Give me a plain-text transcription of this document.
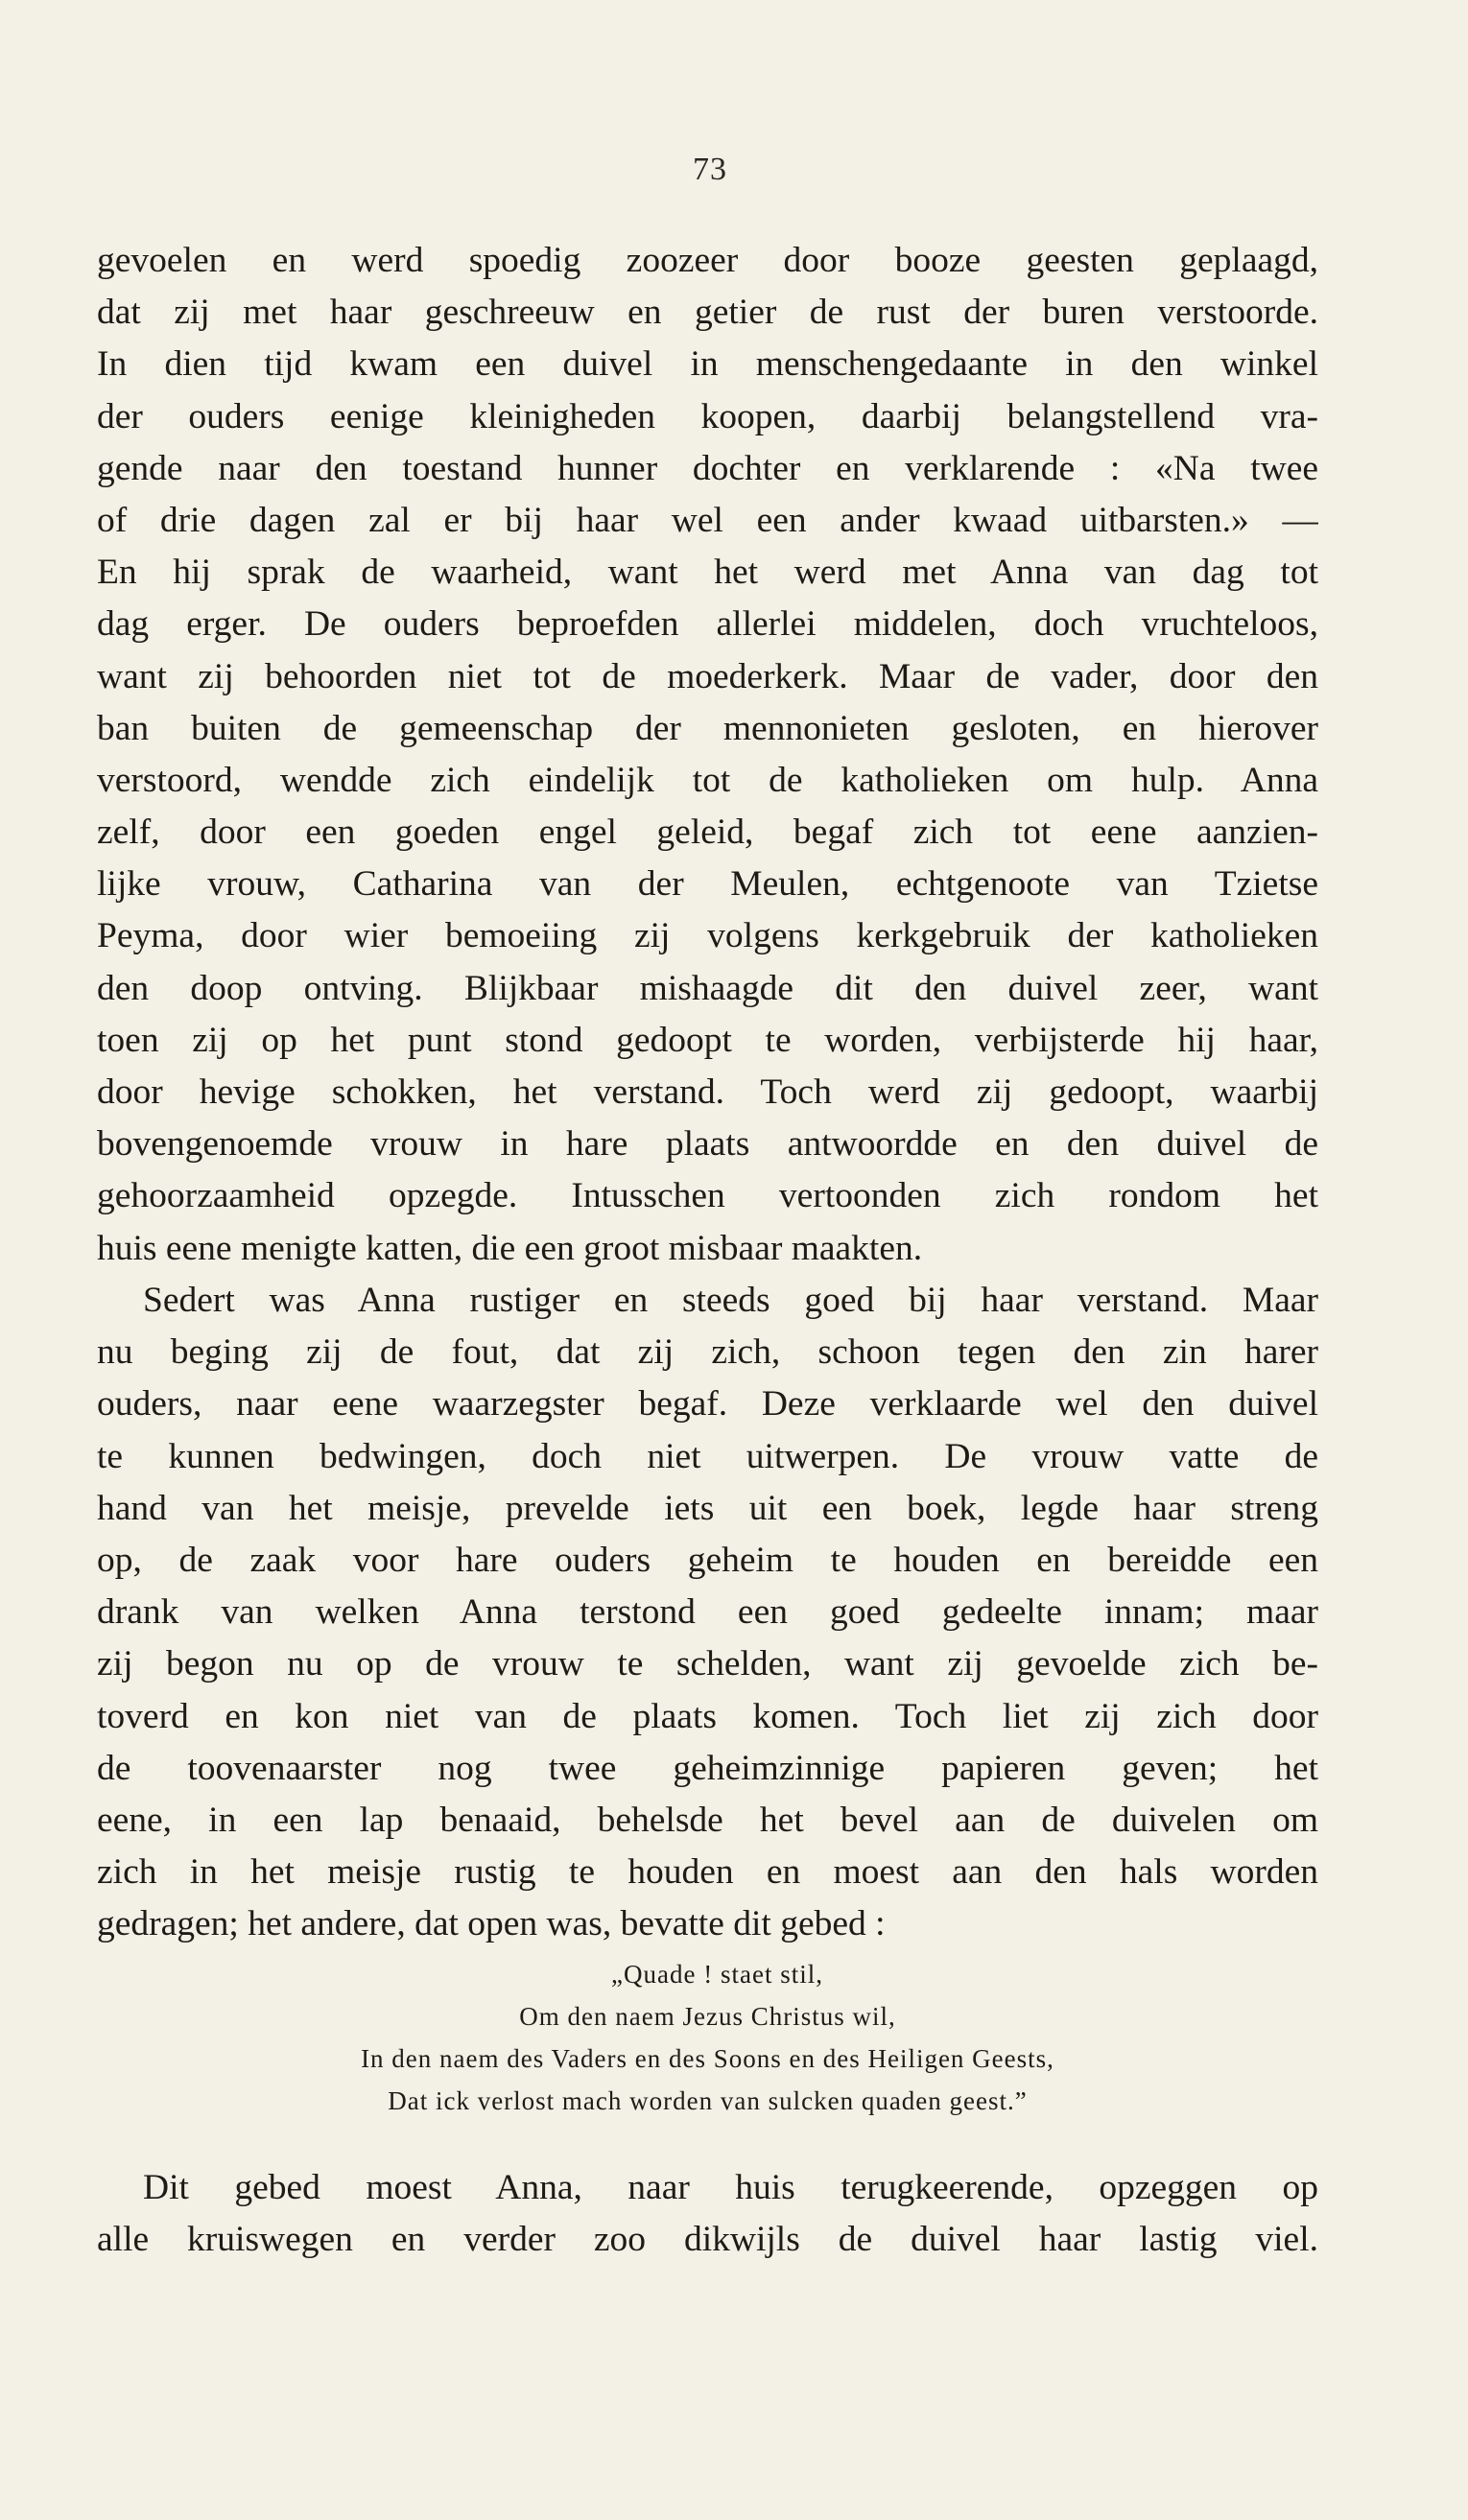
73
gevoelen en werd spoedig zoozeer door booze geesten geplaagd,
dat zij met haar geschreeuw en getier de rust der buren verstoorde.
In dien tijd kwam een duivel in menschengedaante in den winkel
der ouders eenige kleinigheden koopen, daarbij belangstellend vra-
gende naar den toestand hunner dochter en verklarende : «Na twee
of drie dagen zal er bij haar wel een ander kwaad uitbarsten.» —
En hij sprak de waarheid, want het werd met Anna van dag tot
dag erger. De ouders beproefden allerlei middelen, doch vruchteloos,
want zij behoorden niet tot de moederkerk. Maar de vader, door den
ban buiten de gemeenschap der mennonieten gesloten, en hierover
verstoord, wendde zich eindelijk tot de katholieken om hulp. Anna
zelf, door een goeden engel geleid, begaf zich tot eene aanzien-
lijke vrouw, Catharina van der Meulen, echtgenoote van Tzietse
Peyma, door wier bemoeiing zij volgens kerkgebruik der katholieken
den doop ontving. Blijkbaar mishaagde dit den duivel zeer, want
toen zij op het punt stond gedoopt te worden, verbijsterde hij haar,
door hevige schokken, het verstand. Toch werd zij gedoopt, waarbij
bovengenoemde vrouw in hare plaats antwoordde en den duivel de
gehoorzaamheid opzegde. Intusschen vertoonden zich rondom het
huis eene menigte katten, die een groot misbaar maakten.
Sedert was Anna rustiger en steeds goed bij haar verstand. Maar
nu beging zij de fout, dat zij zich, schoon tegen den zin harer
ouders, naar eene waarzegster begaf. Deze verklaarde wel den duivel
te kunnen bedwingen, doch niet uitwerpen. De vrouw vatte de
hand van het meisje, prevelde iets uit een boek, legde haar streng
op, de zaak voor hare ouders geheim te houden en bereidde een
drank van welken Anna terstond een goed gedeelte innam; maar
zij begon nu op de vrouw te schelden, want zij gevoelde zich be-
toverd en kon niet van de plaats komen. Toch liet zij zich door
de toovenaarster nog twee geheimzinnige papieren geven; het
eene, in een lap benaaid, behelsde het bevel aan de duivelen om
zich in het meisje rustig te houden en moest aan den hals worden
gedragen; het andere, dat open was, bevatte dit gebed :
„Quade ! staet stil,
Om den naem Jezus Christus wil,
In den naem des Vaders en des Soons en des Heiligen Geests,
Dat ick verlost mach worden van sulcken quaden geest.”
Dit gebed moest Anna, naar huis terugkeerende, opzeggen op
alle kruiswegen en verder zoo dikwijls de duivel haar lastig viel.
